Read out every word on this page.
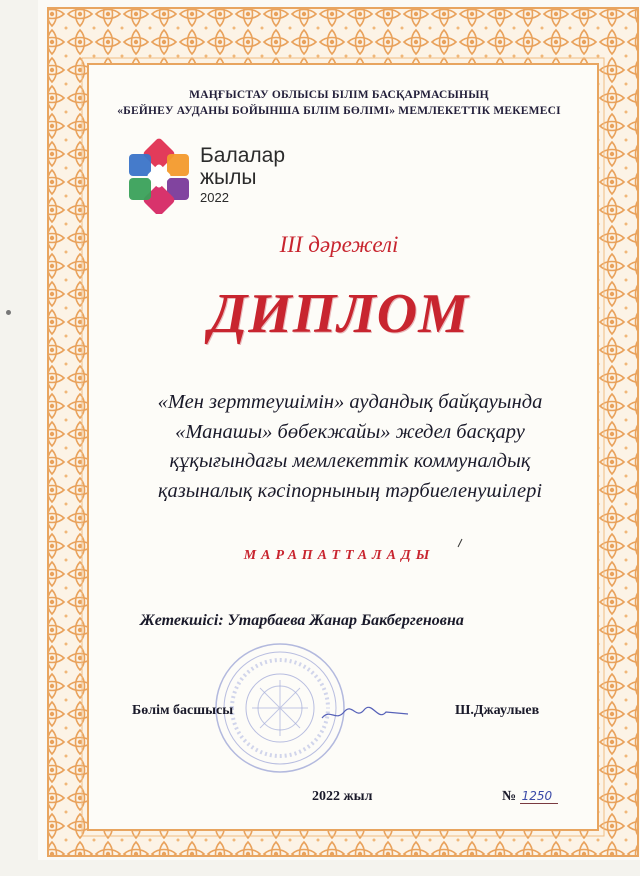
МАҢҒЫСТАУ ОБЛЫСЫ БІЛІМ БАСҚАРМАСЫНЫҢ
«БЕЙНЕУ АУДАНЫ БОЙЫНША БІЛІМ БӨЛІМІ» МЕМЛЕКЕТТІК МЕКЕМЕСІ
Балалар
жылы
2022
ІІІ дәрежелі
ДИПЛОМ
«Мен зерттеушімін» аудандық байқауында
«Манашы» бөбекжайы» жедел басқару
құқығындағы мемлекеттік коммуналдық
қазыналық кәсіпорнының тәрбиеленушілері
МАРАПАТТАЛАДЫ
Жетекшісі: Утарбаева Жанар Бакбергеновна
Бөлім басшысы	Ш.Джаулыев
2022 жыл	№ 1250
